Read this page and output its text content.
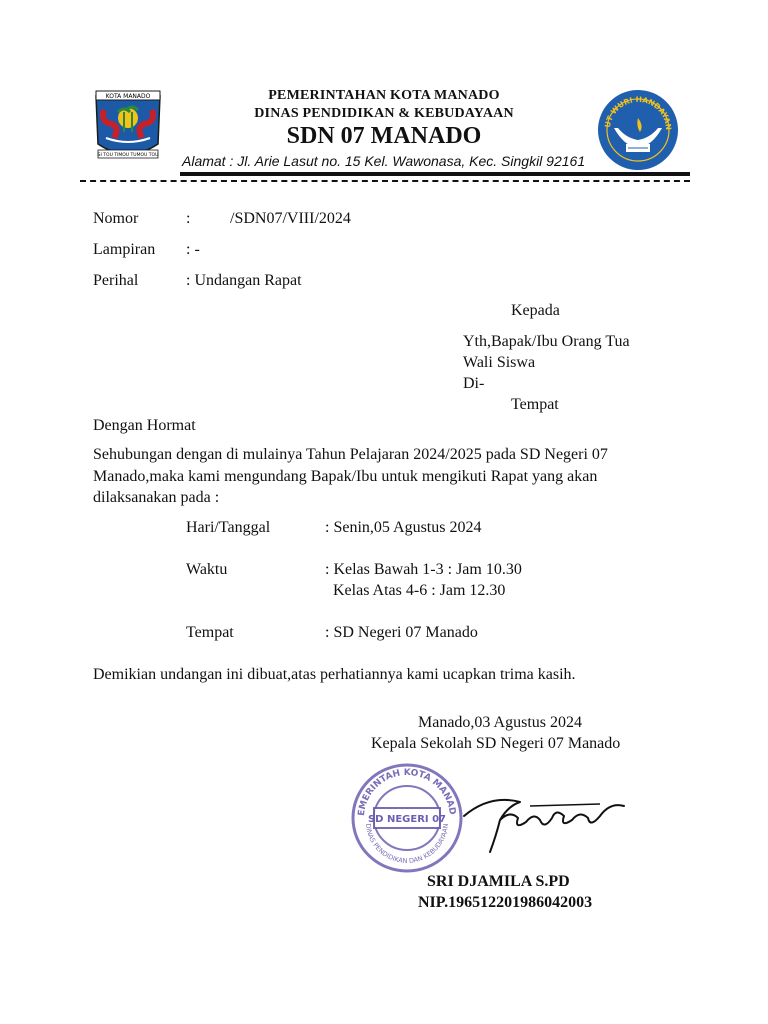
KOTA MANADO
SI TOU TIMOU TUMOU TOU
PEMERINTAHAN KOTA MANADO
DINAS PENDIDIKAN & KEBUDAYAAN
SDN 07 MANADO
Alamat : Jl. Arie Lasut no. 15 Kel. Wawonasa, Kec. Singkil 92161
UT WURI HANDAYAN
Nomor	: /SDN07/VIII/2024
Lampiran : -
Perihal	: Undangan Rapat
Kepada
Yth,Bapak/Ibu Orang Tua
Wali Siswa
Di-
Tempat
Dengan Hormat
Sehubungan dengan di mulainya Tahun Pelajaran 2024/2025 pada SD Negeri 07
Manado,maka kami mengundang Bapak/Ibu untuk mengikuti Rapat yang akan
dilaksanakan pada :
Hari/Tanggal	: Senin,05 Agustus 2024
Waktu	: Kelas Bawah 1-3 : Jam 10.30
Kelas Atas 4-6 : Jam 12.30
Tempat	: SD Negeri 07 Manado
Demikian undangan ini dibuat,atas perhatiannya kami ucapkan trima kasih.
Manado,03 Agustus 2024
Kepala Sekolah SD Negeri 07 Manado
EMERINTAH KOTA MANAD
DINAS PENDIDIKAN DAN KEBUDAYAAN
SD NEGERI 07
SRI DJAMILA S.PD
NIP.196512201986042003
